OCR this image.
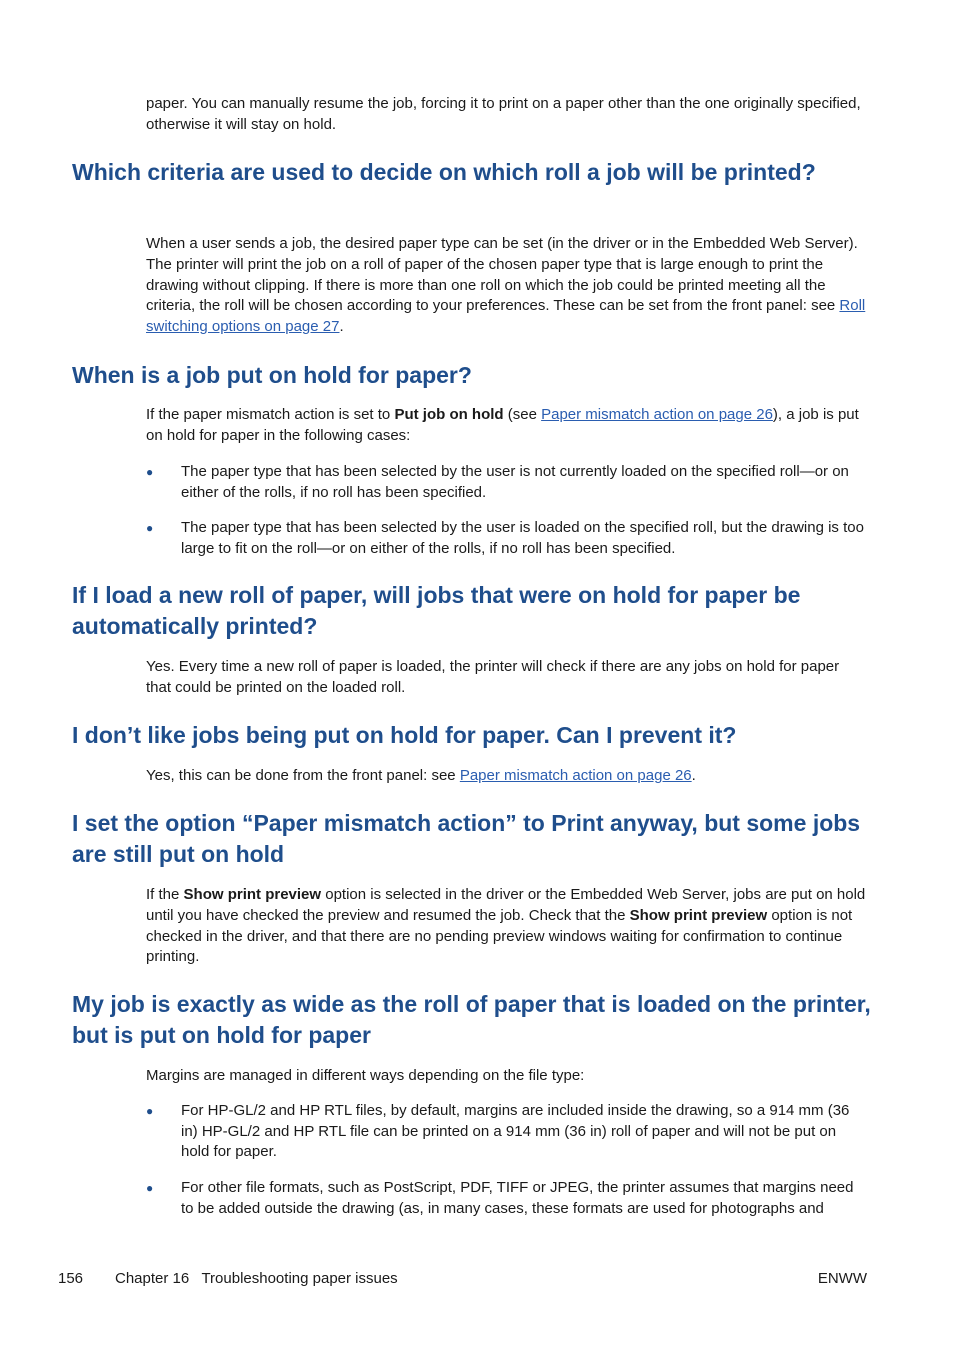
paper. You can manually resume the job, forcing it to print on a paper other than the one originally specified, otherwise it will stay on hold.

Which criteria are used to decide on which roll a job will be printed?

When a user sends a job, the desired paper type can be set (in the driver or in the Embedded Web Server). The printer will print the job on a roll of paper of the chosen paper type that is large enough to print the drawing without clipping. If there is more than one roll on which the job could be printed meeting all the criteria, the roll will be chosen according to your preferences. These can be set from the front panel: see Roll switching options on page 27.

When is a job put on hold for paper?

If the paper mismatch action is set to Put job on hold (see Paper mismatch action on page 26), a job is put on hold for paper in the following cases:

●	The paper type that has been selected by the user is not currently loaded on the specified roll—or on either of the rolls, if no roll has been specified.
●	The paper type that has been selected by the user is loaded on the specified roll, but the drawing is too large to fit on the roll—or on either of the rolls, if no roll has been specified.
If I load a new roll of paper, will jobs that were on hold for paper be automatically printed?

Yes. Every time a new roll of paper is loaded, the printer will check if there are any jobs on hold for paper that could be printed on the loaded roll.

I don’t like jobs being put on hold for paper. Can I prevent it?

Yes, this can be done from the front panel: see Paper mismatch action on page 26.

I set the option “Paper mismatch action” to Print anyway, but some jobs are still put on hold

If the Show print preview option is selected in the driver or the Embedded Web Server, jobs are put on hold until you have checked the preview and resumed the job. Check that the Show print preview option is not checked in the driver, and that there are no pending preview windows waiting for confirmation to continue printing.

My job is exactly as wide as the roll of paper that is loaded on the printer, but is put on hold for paper

Margins are managed in different ways depending on the file type:

●	For HP-GL/2 and HP RTL files, by default, margins are included inside the drawing, so a 914 mm (36 in) HP-GL/2 and HP RTL file can be printed on a 914 mm (36 in) roll of paper and will not be put on hold for paper.
●	For other file formats, such as PostScript, PDF, TIFF or JPEG, the printer assumes that margins need to be added outside the drawing (as, in many cases, these formats are used for photographs and
156 Chapter 16   Troubleshooting paper issues	ENWW
